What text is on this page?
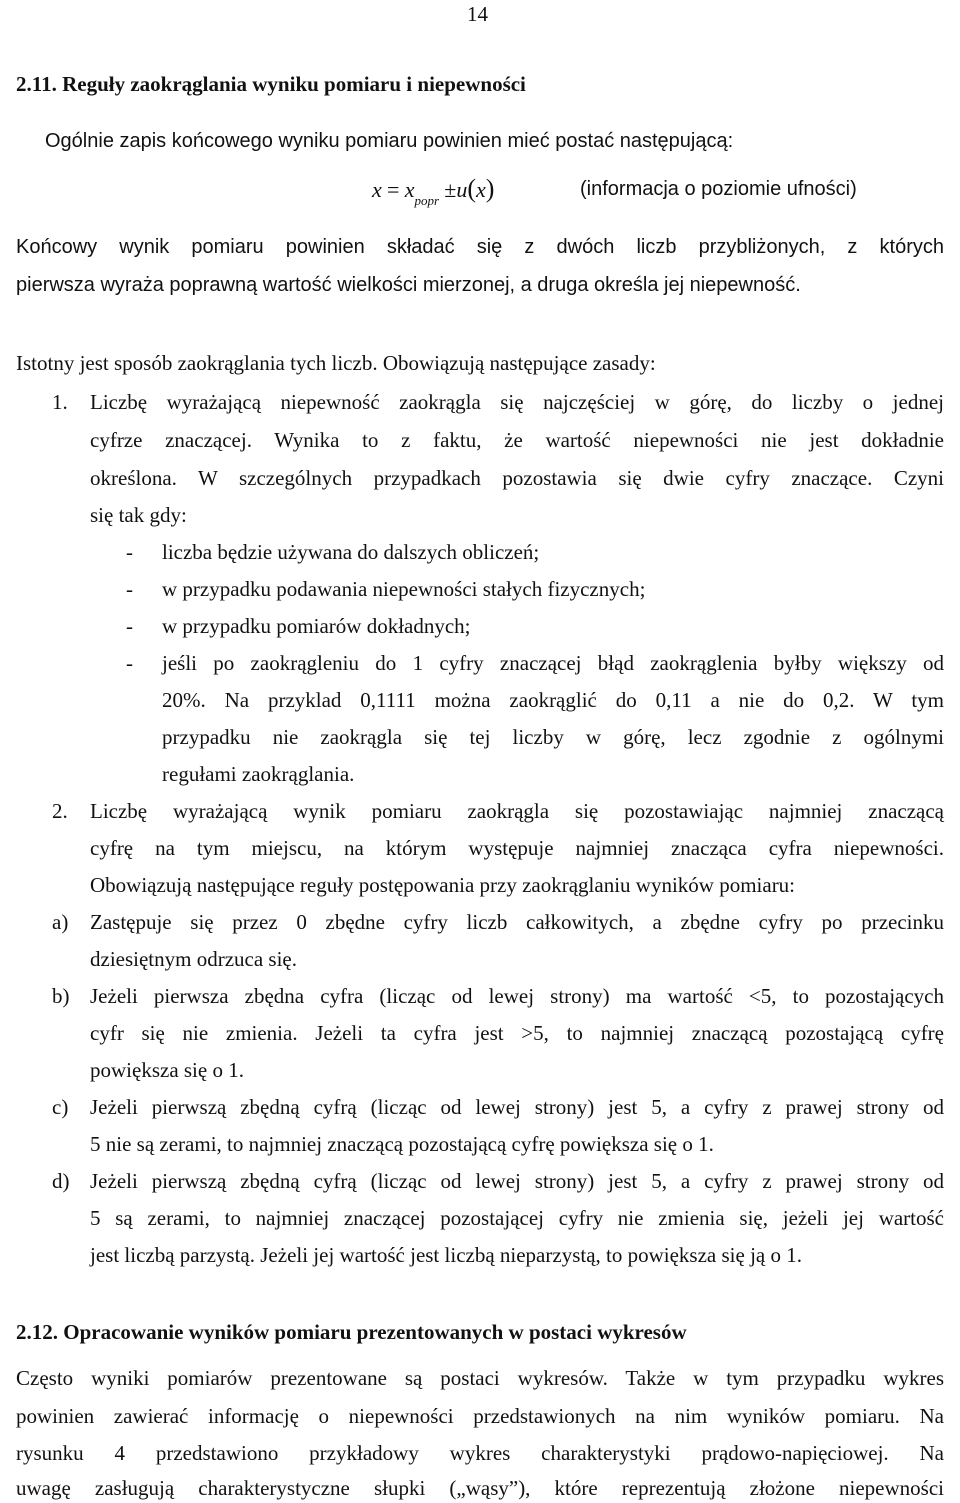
14
2.11. Reguły zaokrąglania wyniku pomiaru i niepewności
Ogólnie zapis końcowego wyniku pomiaru powinien mieć postać następującą:
$x = x_{popr} \pm u(x)$	(informacja o poziomie ufności)
Końcowy wynik pomiaru powinien składać się z dwóch liczb przybliżonych, z których
pierwsza wyraża poprawną wartość wielkości mierzonej, a druga określa jej niepewność.
Istotny jest sposób zaokrąglania tych liczb. Obowiązują następujące zasady:
1. Liczbę wyrażającą niepewność zaokrągla się najczęściej w górę, do liczby o jednej
cyfrze znaczącej. Wynika to z faktu, że wartość niepewności nie jest dokładnie
określona. W szczególnych przypadkach pozostawia się dwie cyfry znaczące. Czyni
się tak gdy:
- liczba będzie używana do dalszych obliczeń;
- w przypadku podawania niepewności stałych fizycznych;
- w przypadku pomiarów dokładnych;
- jeśli po zaokrągleniu do 1 cyfry znaczącej błąd zaokrąglenia byłby większy od
20%. Na przyklad 0,1111 można zaokrąglić do 0,11 a nie do 0,2. W tym
przypadku nie zaokrągla się tej liczby w górę, lecz zgodnie z ogólnymi
regułami zaokrąglania.
2. Liczbę wyrażającą wynik pomiaru zaokrągla się pozostawiając najmniej znaczącą
cyfrę na tym miejscu, na którym występuje najmniej znacząca cyfra niepewności.
Obowiązują następujące reguły postępowania przy zaokrąglaniu wyników pomiaru:
a) Zastępuje się przez 0 zbędne cyfry liczb całkowitych, a zbędne cyfry po przecinku
dziesiętnym odrzuca się.
b) Jeżeli pierwsza zbędna cyfra (licząc od lewej strony) ma wartość <5, to pozostających
cyfr się nie zmienia. Jeżeli ta cyfra jest >5, to najmniej znaczącą pozostającą cyfrę
powiększa się o 1.
c) Jeżeli pierwszą zbędną cyfrą (licząc od lewej strony) jest 5, a cyfry z prawej strony od
5 nie są zerami, to najmniej znaczącą pozostającą cyfrę powiększa się o 1.
d) Jeżeli pierwszą zbędną cyfrą (licząc od lewej strony) jest 5, a cyfry z prawej strony od
5 są zerami, to najmniej znaczącej pozostającej cyfry nie zmienia się, jeżeli jej wartość
jest liczbą parzystą. Jeżeli jej wartość jest liczbą nieparzystą, to powiększa się ją o 1.
2.12. Opracowanie wyników pomiaru prezentowanych w postaci wykresów
Często wyniki pomiarów prezentowane są postaci wykresów. Także w tym przypadku wykres
powinien zawierać informację o niepewności przedstawionych na nim wyników pomiaru. Na
rysunku 4 przedstawiono przykładowy wykres charakterystyki prądowo-napięciowej. Na
uwagę zasługują charakterystyczne słupki („wąsy”), które reprezentują złożone niepewności
